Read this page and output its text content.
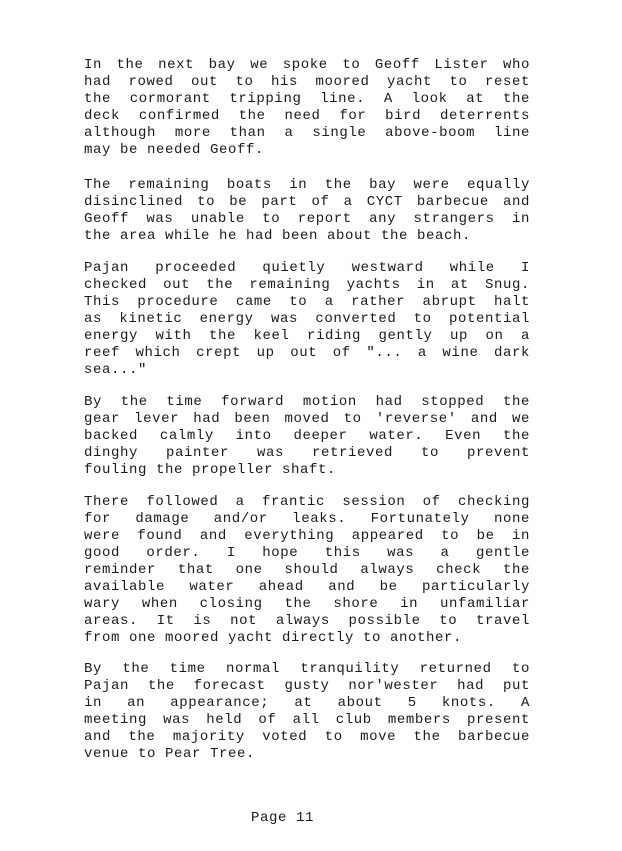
In the next bay we spoke to Geoff Lister who
had rowed out to his moored yacht to reset
the cormorant tripping line. A look at the
deck confirmed the need for bird deterrents
although more than a single above-boom line
may be needed Geoff.
The remaining boats in the bay were equally
disinclined to be part of a CYCT barbecue and
Geoff was unable to report any strangers in
the area while he had been about the beach.
Pajan proceeded quietly westward while I
checked out the remaining yachts in at Snug.
This procedure came to a rather abrupt halt
as kinetic energy was converted to potential
energy with the keel riding gently up on a
reef which crept up out of "... a wine dark
sea..."
By the time forward motion had stopped the
gear lever had been moved to 'reverse' and we
backed calmly into deeper water. Even the
dinghy painter was retrieved to prevent
fouling the propeller shaft.
There followed a frantic session of checking
for damage and/or leaks. Fortunately none
were found and everything appeared to be in
good order. I hope this was a gentle
reminder that one should always check the
available water ahead and be particularly
wary when closing the shore in unfamiliar
areas. It is not always possible to travel
from one moored yacht directly to another.
By the time normal tranquility returned to
Pajan the forecast gusty nor'wester had put
in an appearance; at about 5 knots. A
meeting was held of all club members present
and the majority voted to move the barbecue
venue to Pear Tree.
Page 11
